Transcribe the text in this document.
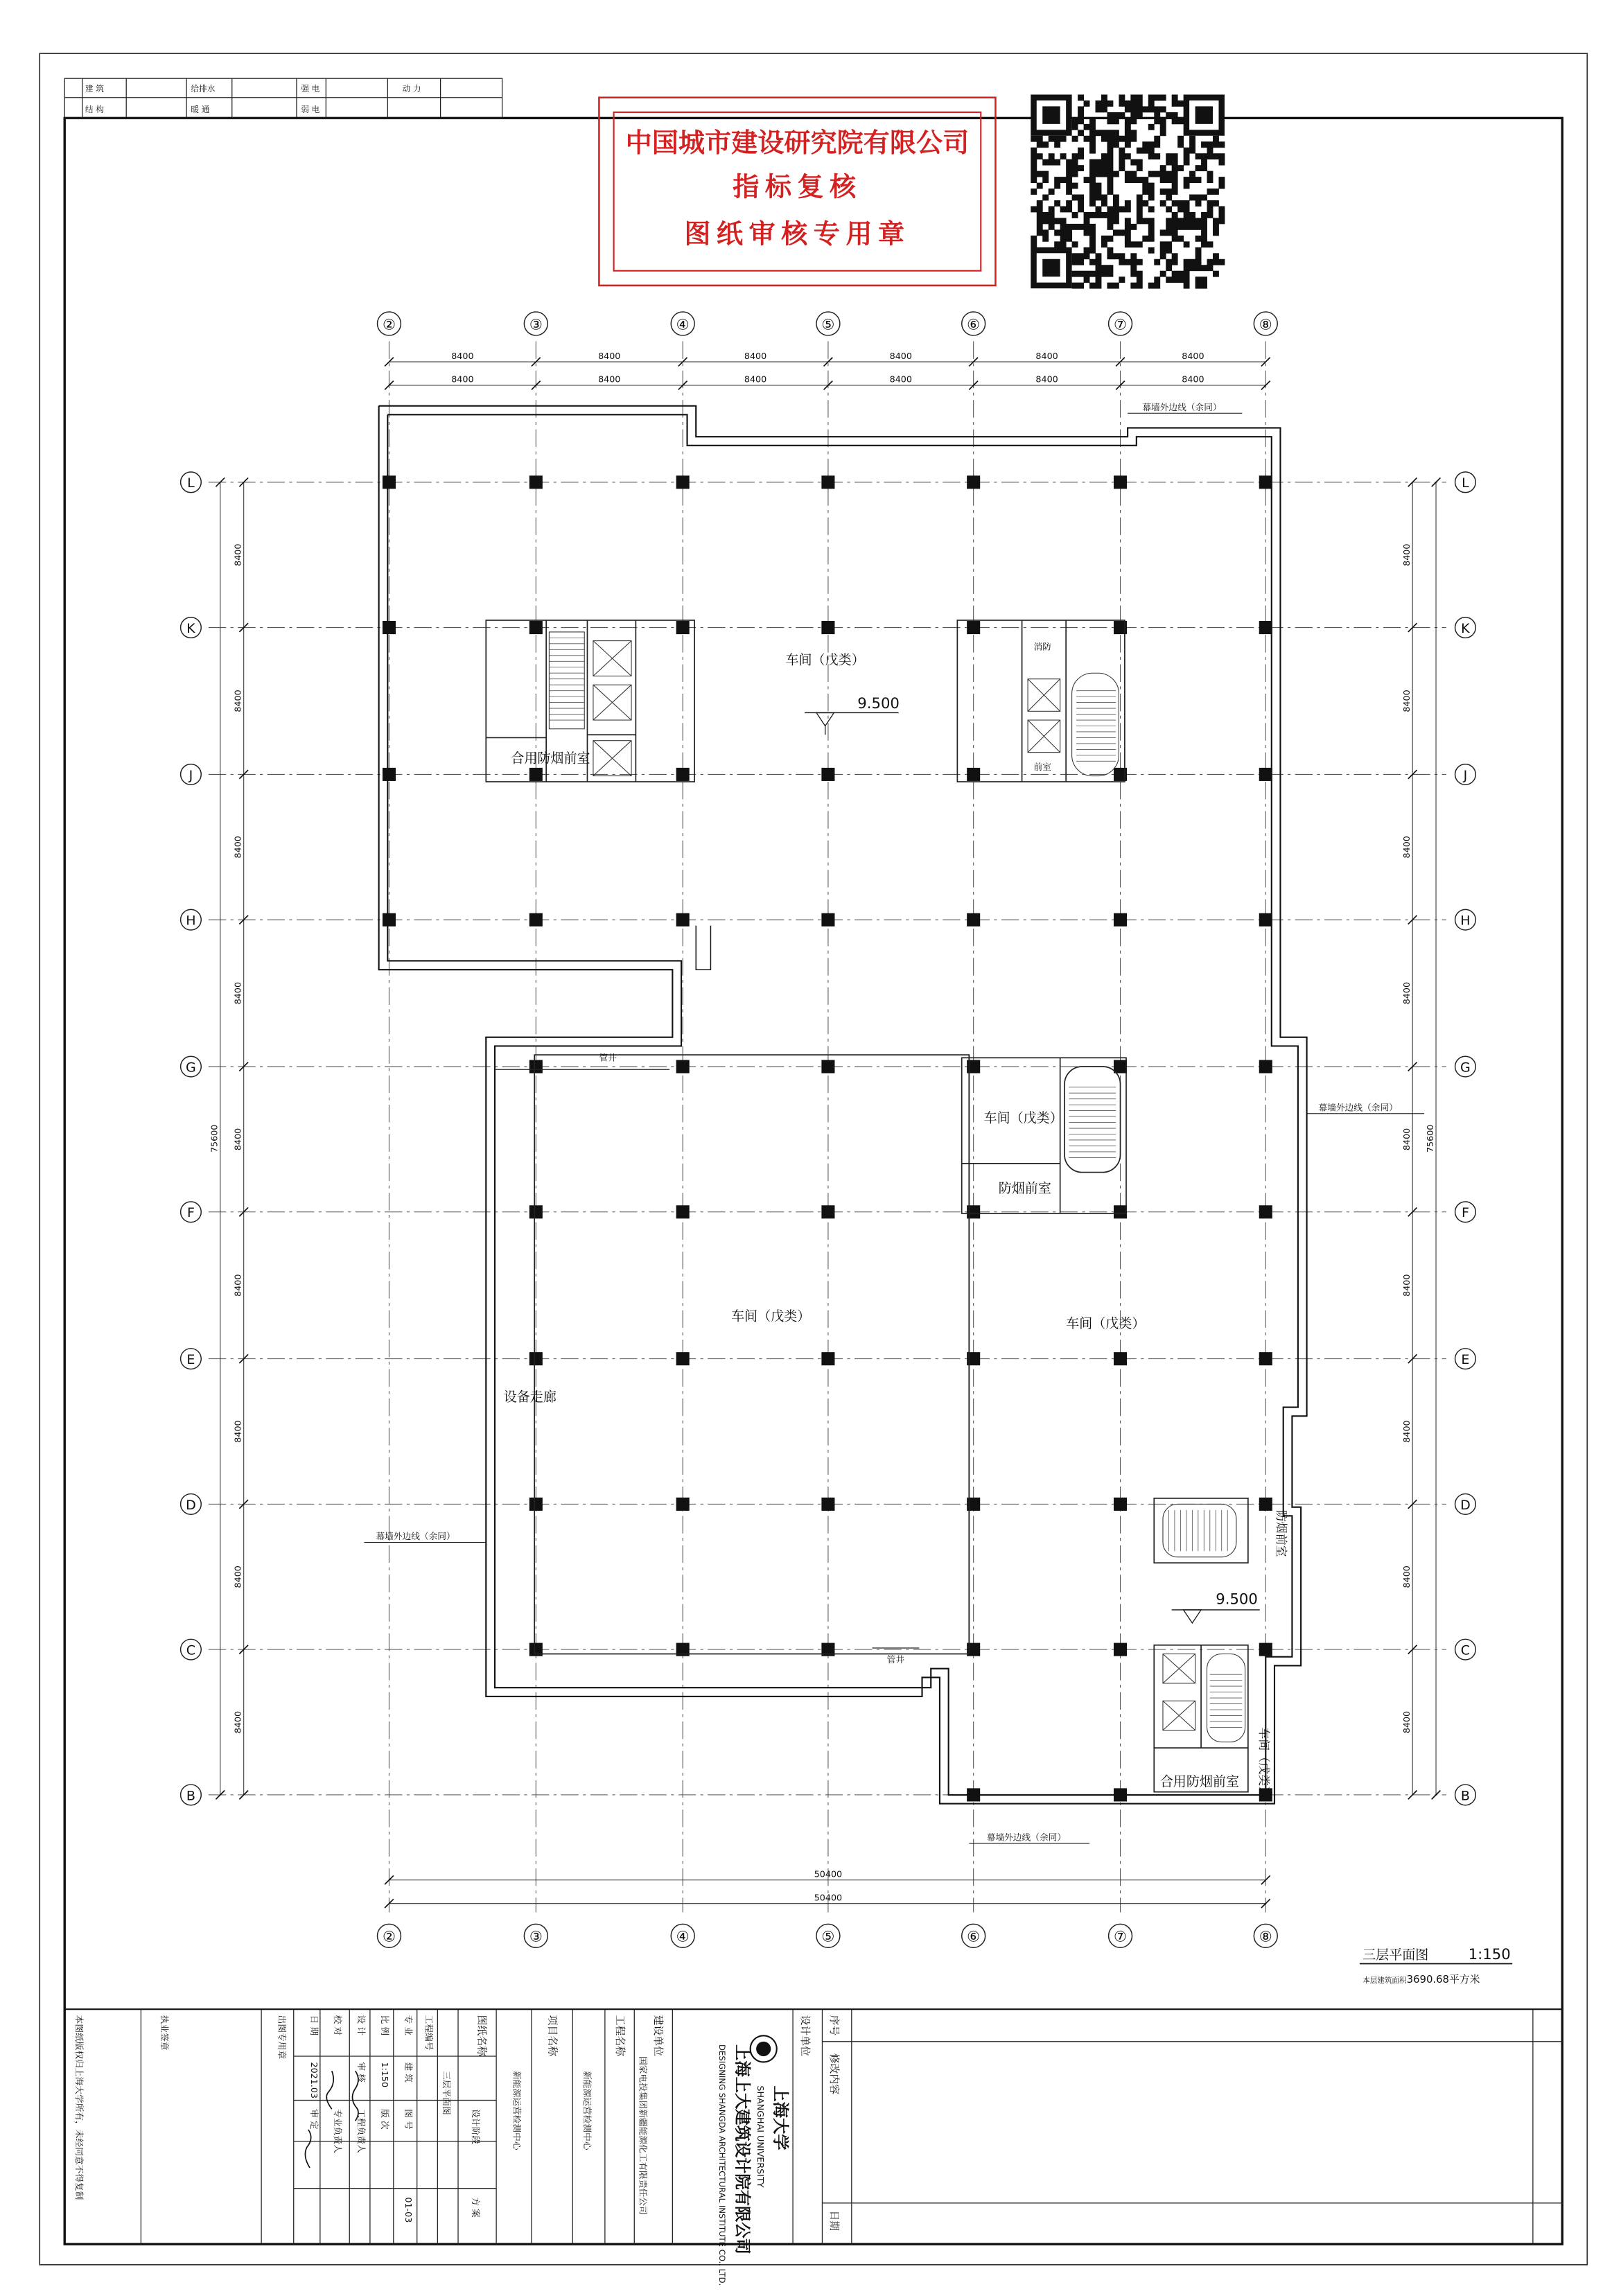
建 筑	给排水	强 电	动 力
结 构	暖 通	弱 电
中国城市建设研究院有限公司
指标复核
图纸审核专用章
②
②
③
③
④
④
⑤
⑤
⑥
⑥
⑦
⑦
⑧
⑧
L	L
K	K
J	J
H	H
G	G
F	F
E	E
D	D
C	C
B	B
8400	8400	8400	8400	8400	8400
50400
8400	8400	8400	8400	8400	8400
50400
8400
8400
8400
8400
8400
8400
8400
8400
8400
75600
8400
8400
8400
8400
8400
8400
8400
8400
8400
75600
车间（戊类）
车间（戊类）	车间（戊类）
车间（戊类）
防烟前室
合用防烟前室
合用防烟前室
管井
管井
设备走廊
消防
前室
车间（戊类）
防烟前室
幕墙外边线（余同）
幕墙外边线（余同）
幕墙外边线（余同）
幕墙外边线（余同）
9.500
9.500
三层平面图	1:150
本层建筑面积 3690.68平方米
序号
修改内容
日期
设计单位
上海大学
SHANGHAI UNIVERSITY
上海上大建筑设计院有限公司
DESIGNING SHANGDA ARCHITECTURAL INSTITUTE CO., LTD.
建设单位
国家电投集团新疆能源化工有限责任公司
工程名称
新能源运营检测中心
项目名称
新能源运营检测中心
图纸名称
三层平面图
设计阶段
方 案
工程编号
专 业
建 筑
图 号
01-03
比 例
1:150
版 次
设 计
工程负责人
校 对
专业负责人
日 期
2021.03
审 定
审 核
出图专用章
执业签章
本图纸版权归上海大学所有，未经同意不得复制
